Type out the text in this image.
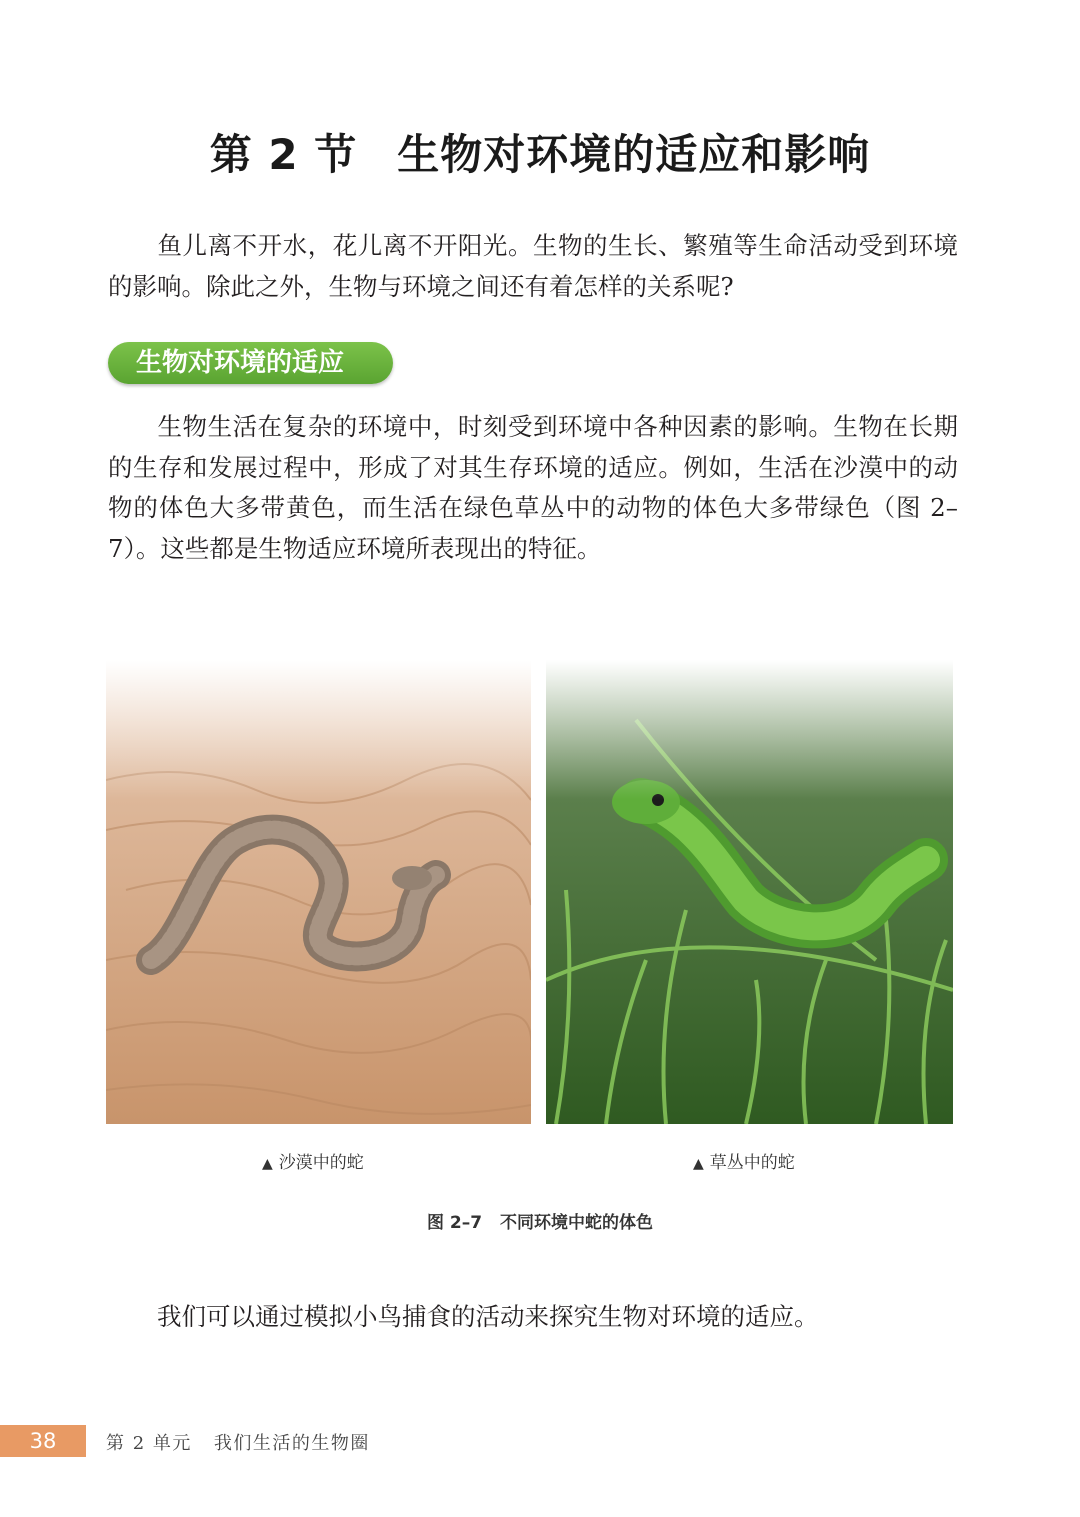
第 2 节 生物对环境的适应和影响
鱼儿离不开水，花儿离不开阳光。生物的生长、繁殖等生命活动受到环境的影响。除此之外，生物与环境之间还有着怎样的关系呢?
生物对环境的适应
生物生活在复杂的环境中，时刻受到环境中各种因素的影响。生物在长期的生存和发展过程中，形成了对其生存环境的适应。例如，生活在沙漠中的动物的体色大多带黄色，而生活在绿色草丛中的动物的体色大多带绿色（图 2–7）。这些都是生物适应环境所表现出的特征。
▲ 沙漠中的蛇	▲ 草丛中的蛇
图 2–7 不同环境中蛇的体色
我们可以通过模拟小鸟捕食的活动来探究生物对环境的适应。
38	第 2 单元 我们生活的生物圈
